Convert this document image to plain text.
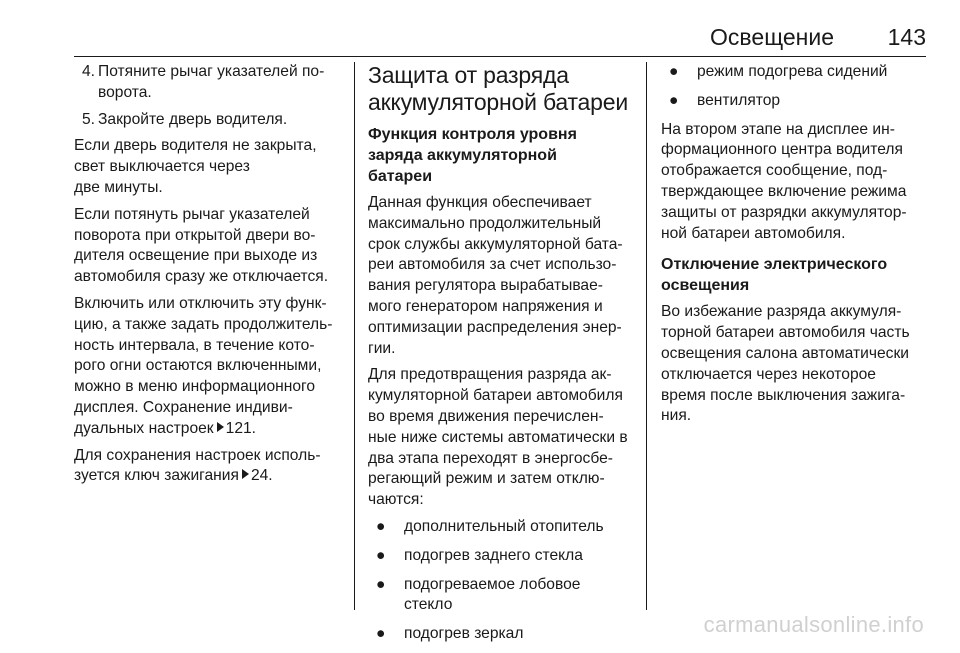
Освещение 143
4. Потяните рычаг указателей по-
ворота.
5. Закройте дверь водителя.

Если дверь водителя не закрыта,
свет выключается через
две минуты.

Если потянуть рычаг указателей
поворота при открытой двери во-
дителя освещение при выходе из
автомобиля сразу же отключается.

Включить или отключить эту функ-
цию, а также задать продолжитель-
ность интервала, в течение кото-
рого огни остаются включенными,
можно в меню информационного
дисплея. Сохранение индиви-
дуальных настроек 121.

Для сохранения настроек исполь-
зуется ключ зажигания 24.

Защита от разряда
аккумуляторной батареи
Функция контроля уровня
заряда аккумуляторной
батареи

Данная функция обеспечивает
максимально продолжительный
срок службы аккумуляторной бата-
реи автомобиля за счет использо-
вания регулятора вырабатывае-
мого генератором напряжения и
оптимизации распределения энер-
гии.

Для предотвращения разряда ак-
кумуляторной батареи автомобиля
во время движения перечислен-
ные ниже системы автоматически в
два этапа переходят в энергосбе-
регающий режим и затем отклю-
чаются:

● дополнительный отопитель
● подогрев заднего стекла
● подогреваемое лобовое
стекло
● подогрев зеркал
● режим подогрева сидений
● вентилятор

На втором этапе на дисплее ин-
формационного центра водителя
отображается сообщение, под-
тверждающее включение режима
защиты от разрядки аккумулятор-
ной батареи автомобиля.

Отключение электрического
освещения

Во избежание разряда аккумуля-
торной батареи автомобиля часть
освещения салона автоматически
отключается через некоторое
время после выключения зажига-
ния.

carmanualsonline.info
